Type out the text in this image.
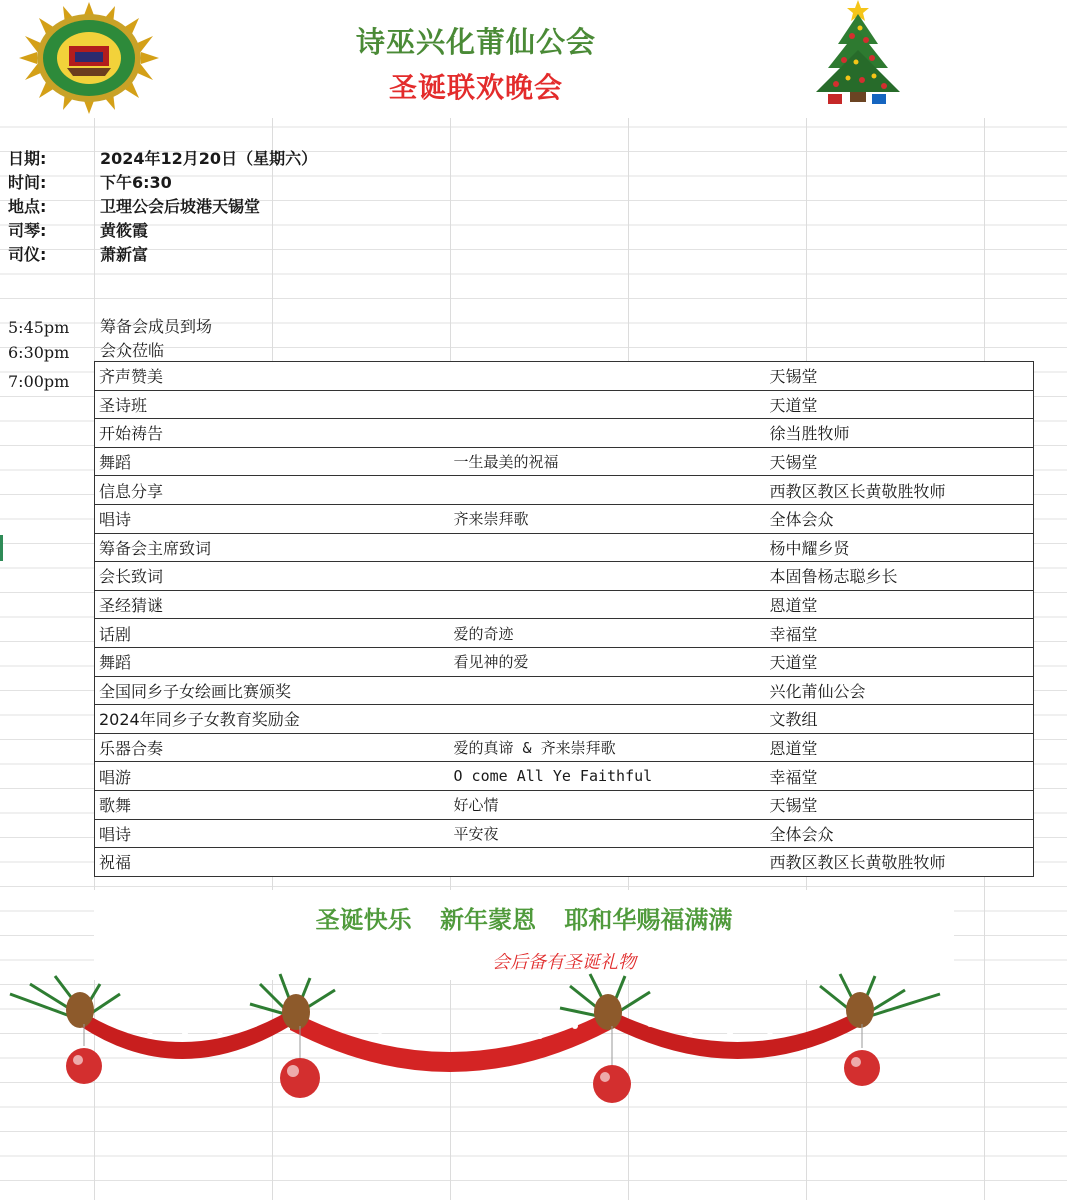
诗巫兴化莆仙公会
圣诞联欢晚会
日期:	2024年12月20日（星期六）
时间:	下午6:30
地点:	卫理公会后坡港天锡堂
司琴:	黄筱霞
司仪:	萧新富
5:45pm 筹备会成员到场
6:30pm 会众莅临
7:00pm 齐声赞美		天锡堂
圣诗班		天道堂
开始祷告		徐当胜牧师
舞蹈	一生最美的祝福	天锡堂
信息分享		西教区教区长黄敬胜牧师
唱诗	齐来崇拜歌	全体会众
筹备会主席致词		杨中耀乡贤
会长致词		本固鲁杨志聪乡长
圣经猜谜		恩道堂
话剧	爱的奇迹	幸福堂
舞蹈	看见神的爱	天道堂
全国同乡子女绘画比赛颁奖		兴化莆仙公会
2024年同乡子女教育奖励金		文教组
乐器合奏	爱的真谛 & 齐来崇拜歌	恩道堂
唱游	O come All Ye Faithful	幸福堂
歌舞	好心情	天锡堂
唱诗	平安夜	全体会众
祝福		西教区教区长黄敬胜牧师
圣诞快乐 新年蒙恩 耶和华赐福满满
会后备有圣诞礼物
